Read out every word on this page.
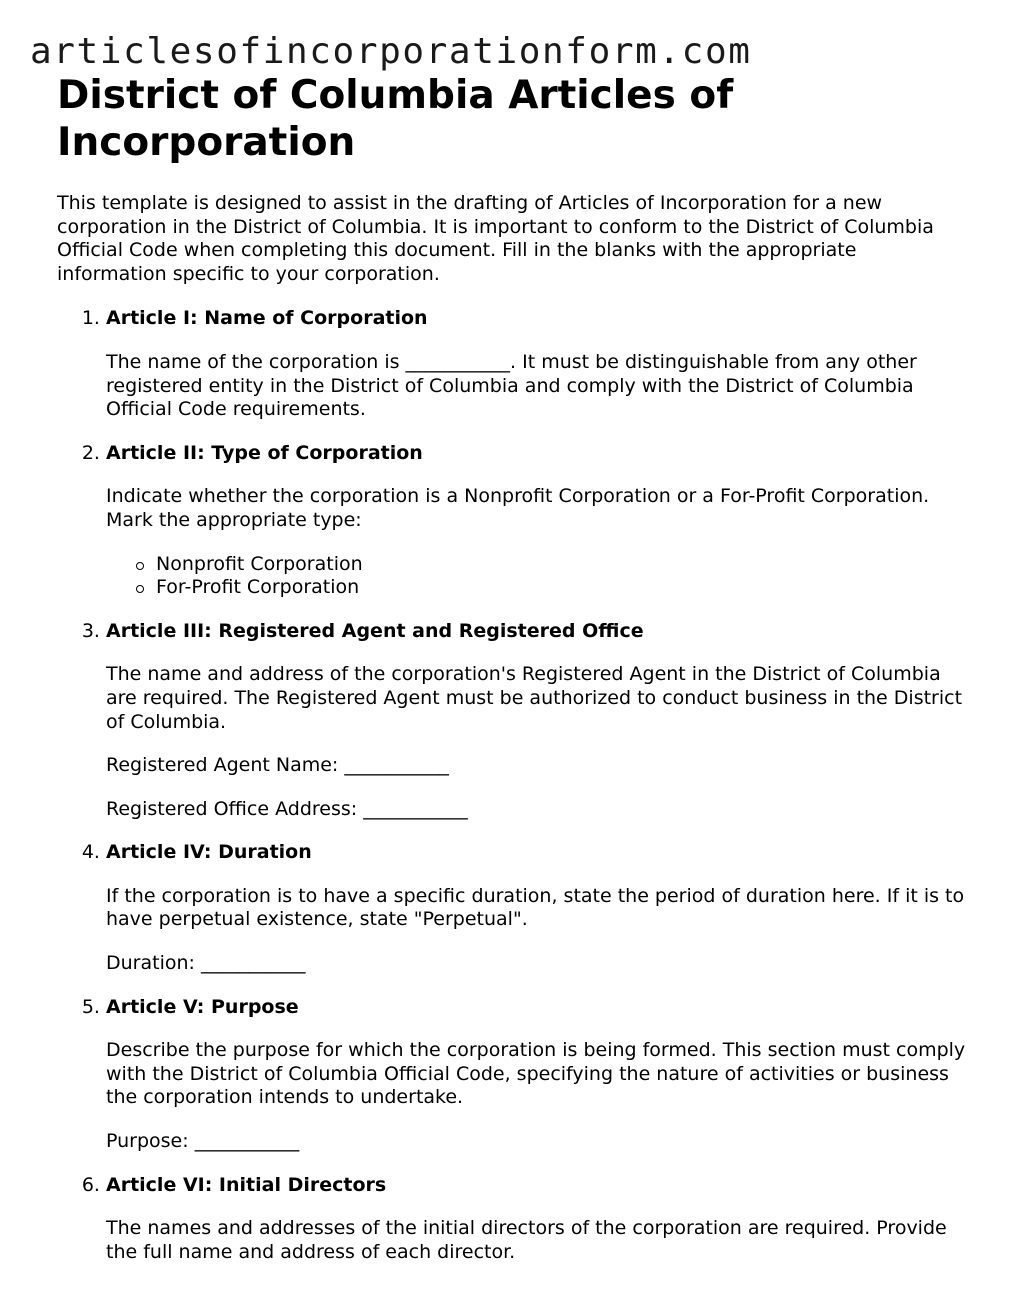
articlesofincorporationform.com
District of Columbia Articles of Incorporation

This template is designed to assist in the drafting of Articles of Incorporation for a new corporation in the District of Columbia. It is important to conform to the District of Columbia Official Code when completing this document. Fill in the blanks with the appropriate information specific to your corporation.

1. Article I: Name of Corporation
The name of the corporation is ___________. It must be distinguishable from any other registered entity in the District of Columbia and comply with the District of Columbia Official Code requirements.
2. Article II: Type of Corporation
Indicate whether the corporation is a Nonprofit Corporation or a For-Profit Corporation. Mark the appropriate type:
Nonprofit Corporation
For-Profit Corporation
3. Article III: Registered Agent and Registered Office
The name and address of the corporation's Registered Agent in the District of Columbia are required. The Registered Agent must be authorized to conduct business in the District of Columbia.
Registered Agent Name: ___________
Registered Office Address: ___________
4. Article IV: Duration
If the corporation is to have a specific duration, state the period of duration here. If it is to have perpetual existence, state "Perpetual".
Duration: ___________
5. Article V: Purpose
Describe the purpose for which the corporation is being formed. This section must comply with the District of Columbia Official Code, specifying the nature of activities or business the corporation intends to undertake.
Purpose: ___________
6. Article VI: Initial Directors
The names and addresses of the initial directors of the corporation are required. Provide the full name and address of each director.
